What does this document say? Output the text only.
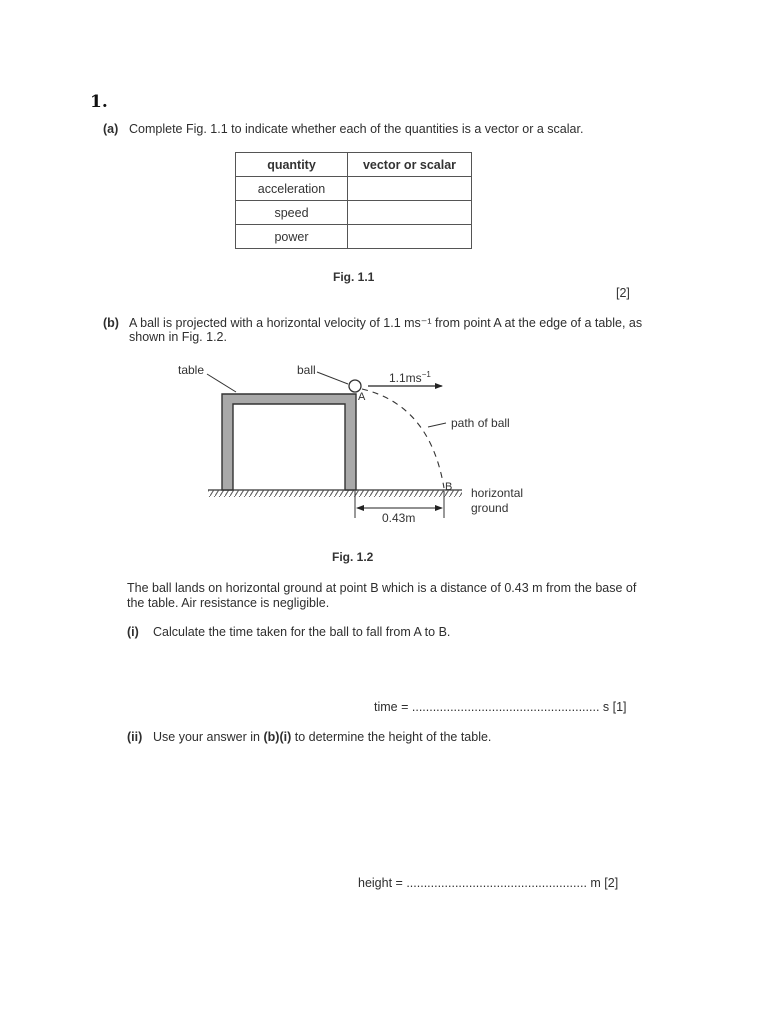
1.
(a) Complete Fig. 1.1 to indicate whether each of the quantities is a vector or a scalar.
quantity	vector or scalar
acceleration	
speed	
power	
Fig. 1.1
[2]
(b) A ball is projected with a horizontal velocity of 1.1 ms⁻¹ from point A at the edge of a table, as
shown in Fig. 1.2.
table	ball
$1.1ms^{-1}$
A
path of ball
B horizontal
ground
0.43m
Fig. 1.2
The ball lands on horizontal ground at point B which is a distance of 0.43 m from the base of
the table. Air resistance is negligible.
(i) Calculate the time taken for the ball to fall from A to B.
time = ...................................................... s [1]
(ii) Use your answer in (b)(i) to determine the height of the table.
height = .................................................... m [2]
